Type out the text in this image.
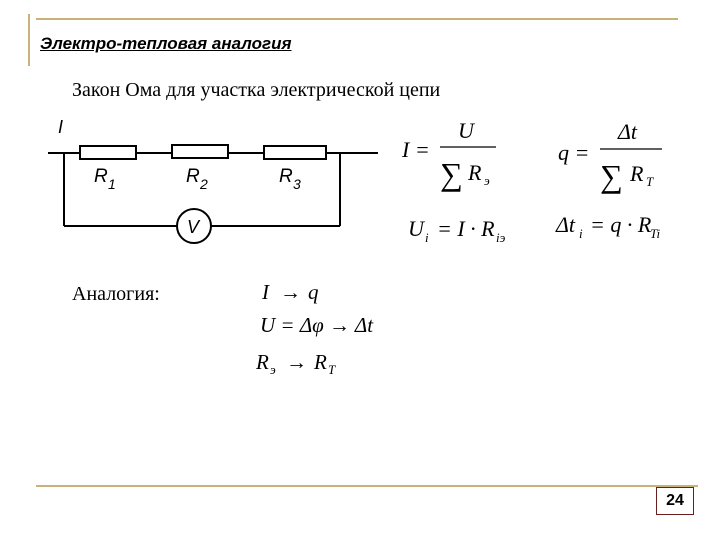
Электро-тепловая аналогия
Закон Ома для участка электрической цепи
Аналогия:
I
R 1	R 2	R 3
V
I =
U
∑ R э
q =
Δt
∑ R T
U i = I · R iэ
Δt i = q · R
Ti
I → q
U = Δφ → Δt
R э → R T
24
